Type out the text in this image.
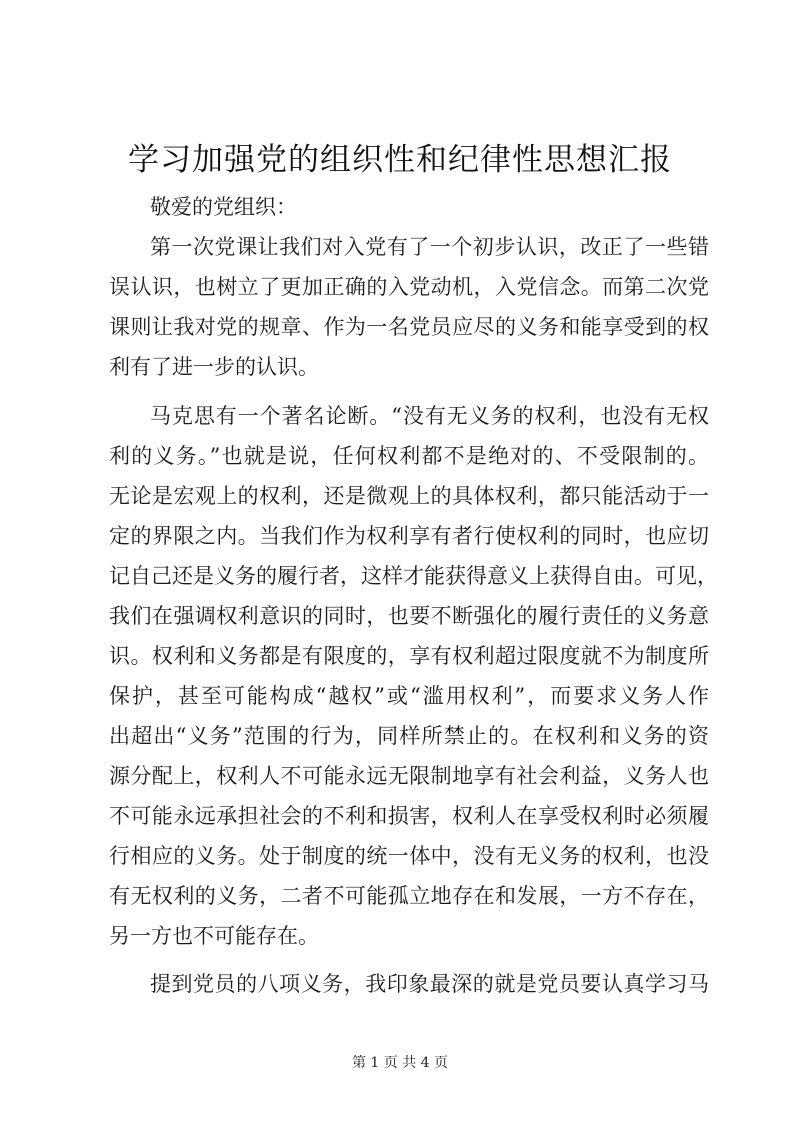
学习加强党的组织性和纪律性思想汇报
敬爱的党组织：
第一次党课让我们对入党有了一个初步认识，改正了一些错
误认识，也树立了更加正确的入党动机，入党信念。而第二次党
课则让我对党的规章、作为一名党员应尽的义务和能享受到的权
利有了进一步的认识。
马克思有一个著名论断。“没有无义务的权利，也没有无权
利的义务。”也就是说，任何权利都不是绝对的、不受限制的。
无论是宏观上的权利，还是微观上的具体权利，都只能活动于一
定的界限之内。当我们作为权利享有者行使权利的同时，也应切
记自己还是义务的履行者，这样才能获得意义上获得自由。可见，
我们在强调权利意识的同时，也要不断强化的履行责任的义务意
识。权利和义务都是有限度的，享有权利超过限度就不为制度所
保护，甚至可能构成“越权”或“滥用权利”，而要求义务人作
出超出“义务”范围的行为，同样所禁止的。在权利和义务的资
源分配上，权利人不可能永远无限制地享有社会利益，义务人也
不可能永远承担社会的不利和损害，权利人在享受权利时必须履
行相应的义务。处于制度的统一体中，没有无义务的权利，也没
有无权利的义务，二者不可能孤立地存在和发展，一方不存在，
另一方也不可能存在。
提到党员的八项义务，我印象最深的就是党员要认真学习马
第 1 页 共 4 页
